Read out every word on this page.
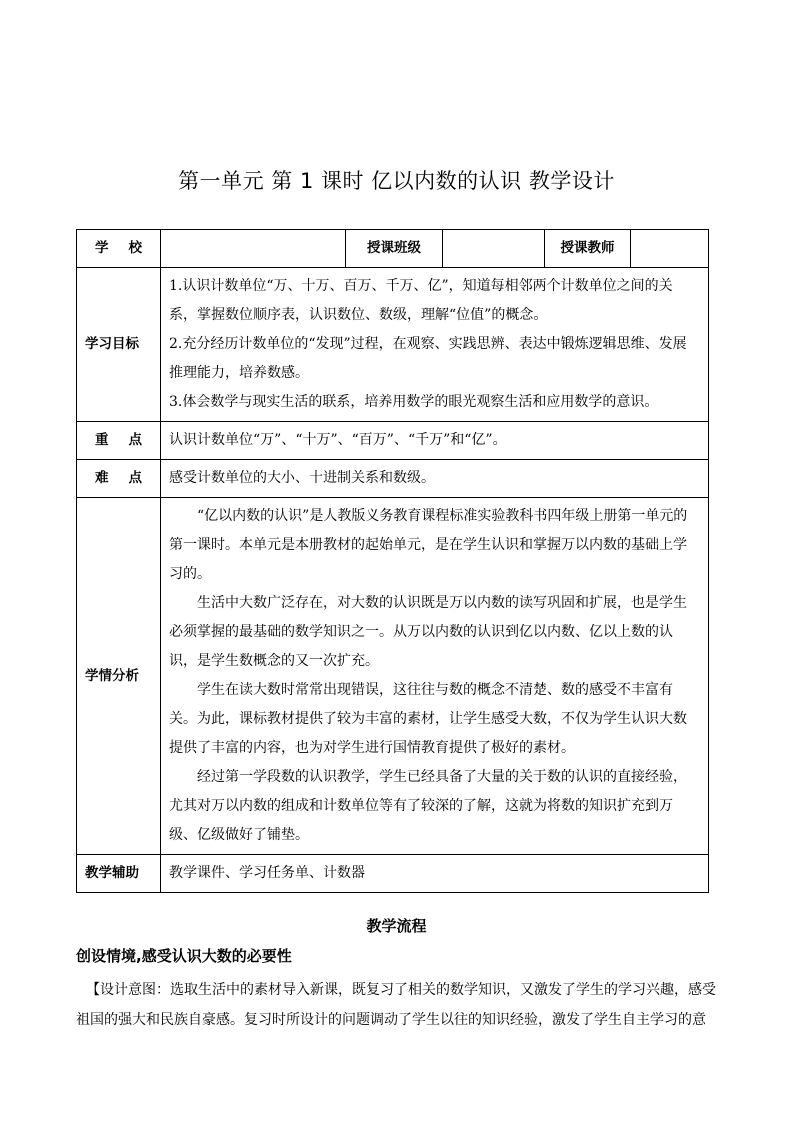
第一单元 第 1 课时 亿以内数的认识 教学设计
学 校		授课班级		授课教师	
学习目标	1.认识计数单位“万、十万、百万、千万、亿”，知道每相邻两个计数单位之间的关系，掌握数位顺序表，认识数位、数级，理解“位值”的概念。

2.充分经历计数单位的“发现”过程，在观察、实践思辨、表达中锻炼逻辑思维、发展推理能力，培养数感。

3.体会数学与现实生活的联系，培养用数学的眼光观察生活和应用数学的意识。				

重 点	认识计数单位“万”、“十万”、“百万”、“千万”和“亿”。				

难 点	感受计数单位的大小、十进制关系和数级。				
学情分析	“亿以内数的认识”是人教版义务教育课程标准实验教科书四年级上册第一单元的第一课时。本单元是本册教材的起始单元，是在学生认识和掌握万以内数的基础上学习的。

生活中大数广泛存在，对大数的认识既是万以内数的读写巩固和扩展，也是学生必须掌握的最基础的数学知识之一。从万以内数的认识到亿以内数、亿以上数的认识，是学生数概念的又一次扩充。

学生在读大数时常常出现错误，这往往与数的概念不清楚、数的感受不丰富有关。为此，课标教材提供了较为丰富的素材，让学生感受大数，不仅为学生认识大数提供了丰富的内容，也为对学生进行国情教育提供了极好的素材。

经过第一学段数的认识教学，学生已经具备了大量的关于数的认识的直接经验，尤其对万以内数的组成和计数单位等有了较深的了解，这就为将数的知识扩充到万级、亿级做好了铺垫。				

教学辅助	教学课件、学习任务单、计数器				
教学流程
创设情境,感受认识大数的必要性
【设计意图：选取生活中的素材导入新课，既复习了相关的数学知识，又激发了学生的学习兴趣，感受祖国的强大和民族自豪感。复习时所设计的问题调动了学生以往的知识经验，激发了学生自主学习的意
